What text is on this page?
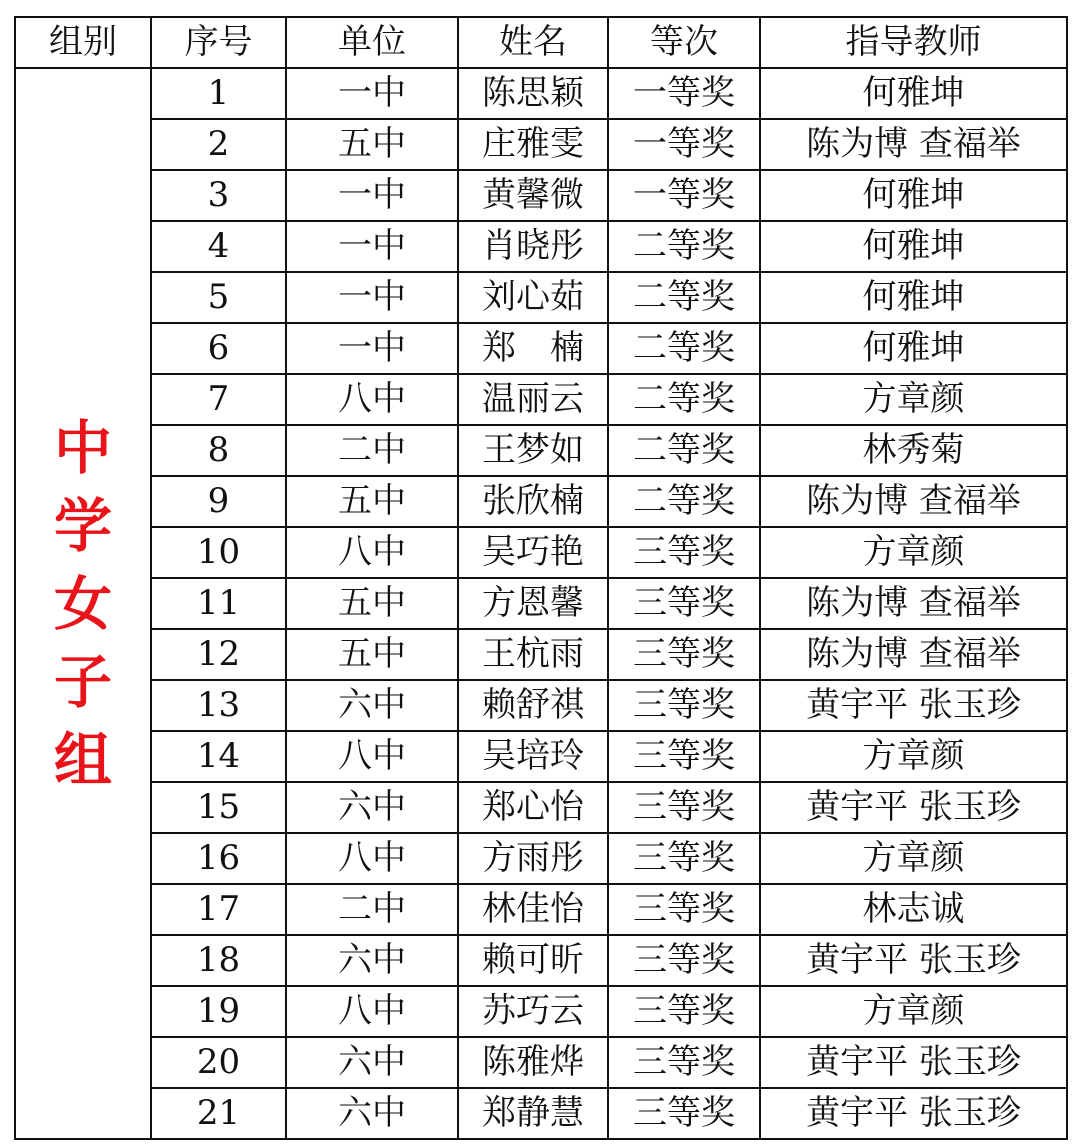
组别	序号	单位	姓名	等次	指导教师
中学女子组	1	一中	陈思颖	一等奖	何雅坤
	2	五中	庄雅雯	一等奖	陈为博 查福举
	3	一中	黄馨微	一等奖	何雅坤
	4	一中	肖晓彤	二等奖	何雅坤
	5	一中	刘心茹	二等奖	何雅坤
	6	一中	郑　楠	二等奖	何雅坤
	7	八中	温丽云	二等奖	方章颜
	8	二中	王梦如	二等奖	林秀菊
	9	五中	张欣楠	二等奖	陈为博 查福举
	10	八中	吴巧艳	三等奖	方章颜
	11	五中	方恩馨	三等奖	陈为博 查福举
	12	五中	王杭雨	三等奖	陈为博 查福举
	13	六中	赖舒祺	三等奖	黄宇平 张玉珍
	14	八中	吴培玲	三等奖	方章颜
	15	六中	郑心怡	三等奖	黄宇平 张玉珍
	16	八中	方雨彤	三等奖	方章颜
	17	二中	林佳怡	三等奖	林志诚
	18	六中	赖可昕	三等奖	黄宇平 张玉珍
	19	八中	苏巧云	三等奖	方章颜
	20	六中	陈雅烨	三等奖	黄宇平 张玉珍
	21	六中	郑静慧	三等奖	黄宇平 张玉珍
